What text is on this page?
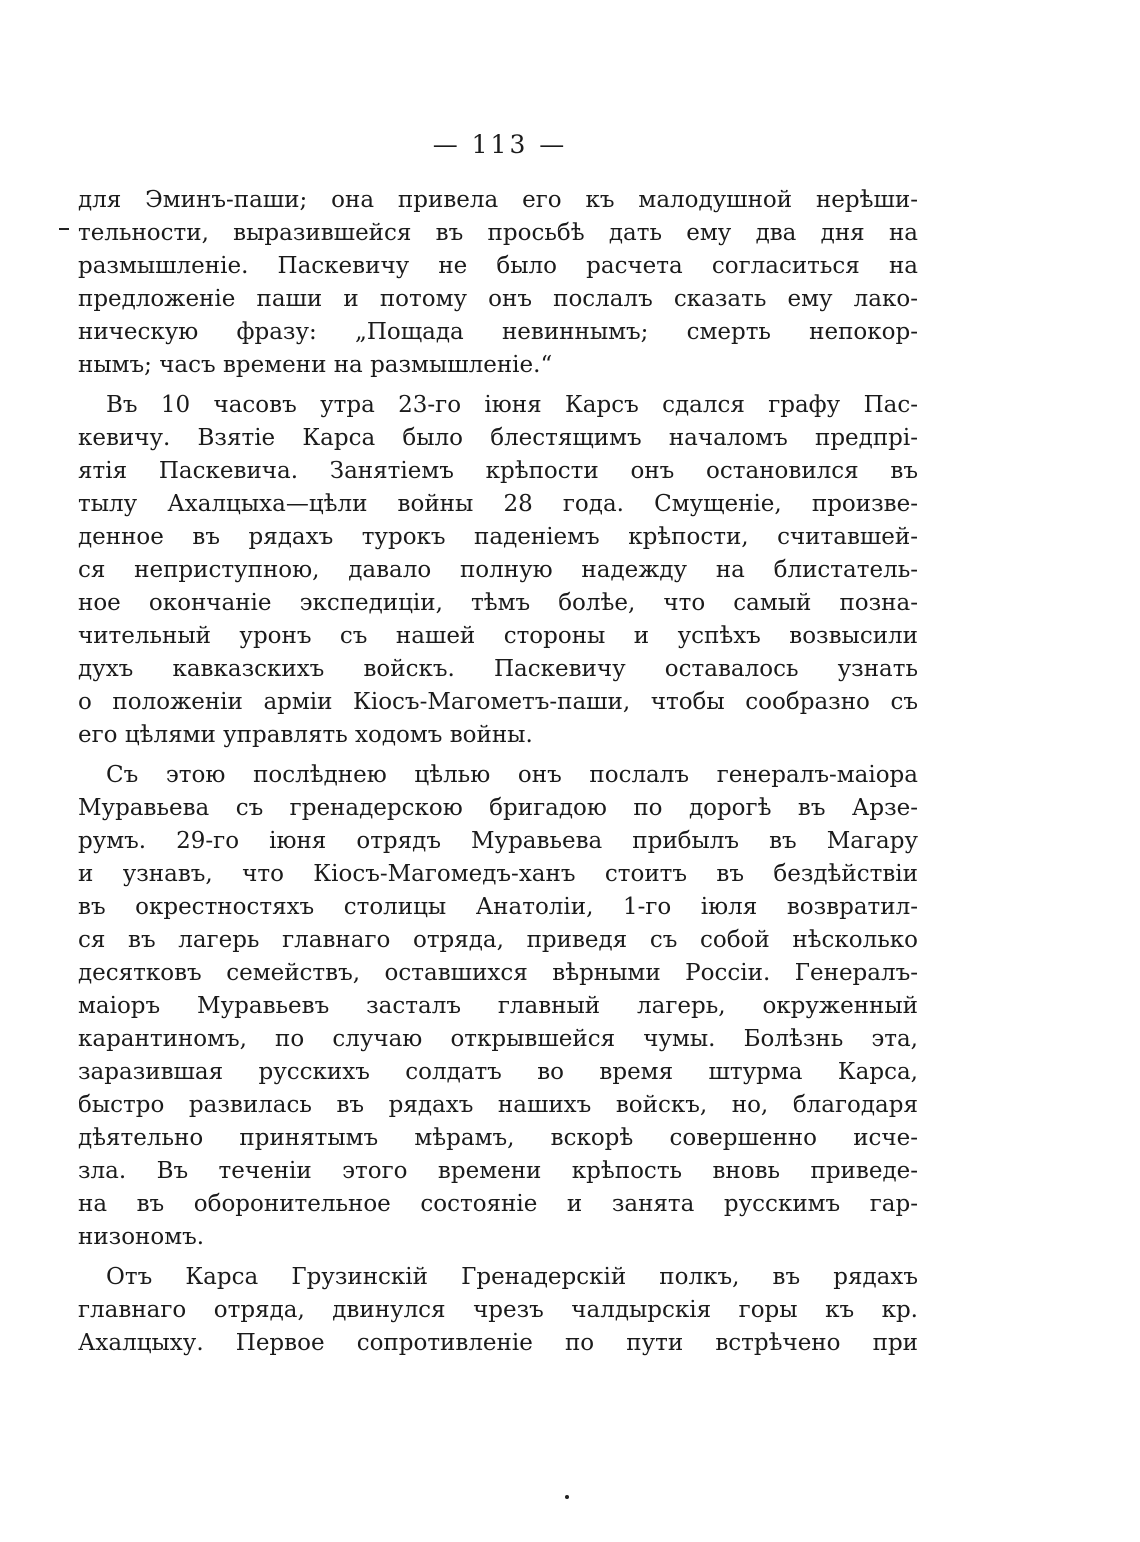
— 113 —
для Эминъ-паши; она привела его къ малодушной нерѣши-
тельности, выразившейся въ просьбѣ дать ему два дня на
размышленіе. Паскевичу не было расчета согласиться на
предложеніе паши и потому онъ послалъ сказать ему лако-
ническую фразу: „Пощада невиннымъ; смерть непокор-
нымъ; часъ времени на размышленіе.“
Въ 10 часовъ утра 23-го іюня Карсъ сдался графу Пас-
кевичу. Взятіе Карса было блестящимъ началомъ предпрі-
ятія Паскевича. Занятіемъ крѣпости онъ остановился въ
тылу Ахалцыха—цѣли войны 28 года. Смущеніе, произве-
денное въ рядахъ турокъ паденіемъ крѣпости, считавшей-
ся неприступною, давало полную надежду на блистатель-
ное окончаніе экспедиціи, тѣмъ болѣе, что самый позна-
чительный уронъ съ нашей стороны и успѣхъ возвысили
духъ кавказскихъ войскъ. Паскевичу оставалось узнать
о положеніи арміи Кіосъ-Магометъ-паши, чтобы сообразно съ
его цѣлями управлять ходомъ войны.
Съ этою послѣднею цѣлью онъ послалъ генералъ-маіора
Муравьева съ гренадерскою бригадою по дорогѣ въ Арзе-
румъ. 29-го іюня отрядъ Муравьева прибылъ въ Магару
и узнавъ, что Кіосъ-Магомедъ-ханъ стоитъ въ бездѣйствіи
въ окрестностяхъ столицы Анатоліи, 1-го іюля возвратил-
ся въ лагерь главнаго отряда, приведя съ собой нѣсколько
десятковъ семействъ, оставшихся вѣрными Россіи. Генералъ-
маіоръ Муравьевъ засталъ главный лагерь, окруженный
карантиномъ, по случаю открывшейся чумы. Болѣзнь эта,
заразившая русскихъ солдатъ во время штурма Карса,
быстро развилась въ рядахъ нашихъ войскъ, но, благодаря
дѣятельно принятымъ мѣрамъ, вскорѣ совершенно исче-
зла. Въ теченіи этого времени крѣпость вновь приведе-
на въ оборонительное состояніе и занята русскимъ гар-
низономъ.
Отъ Карса Грузинскій Гренадерскій полкъ, въ рядахъ
главнаго отряда, двинулся чрезъ чалдырскія горы къ кр.
Ахалцыху. Первое сопротивленіе по пути встрѣчено при
